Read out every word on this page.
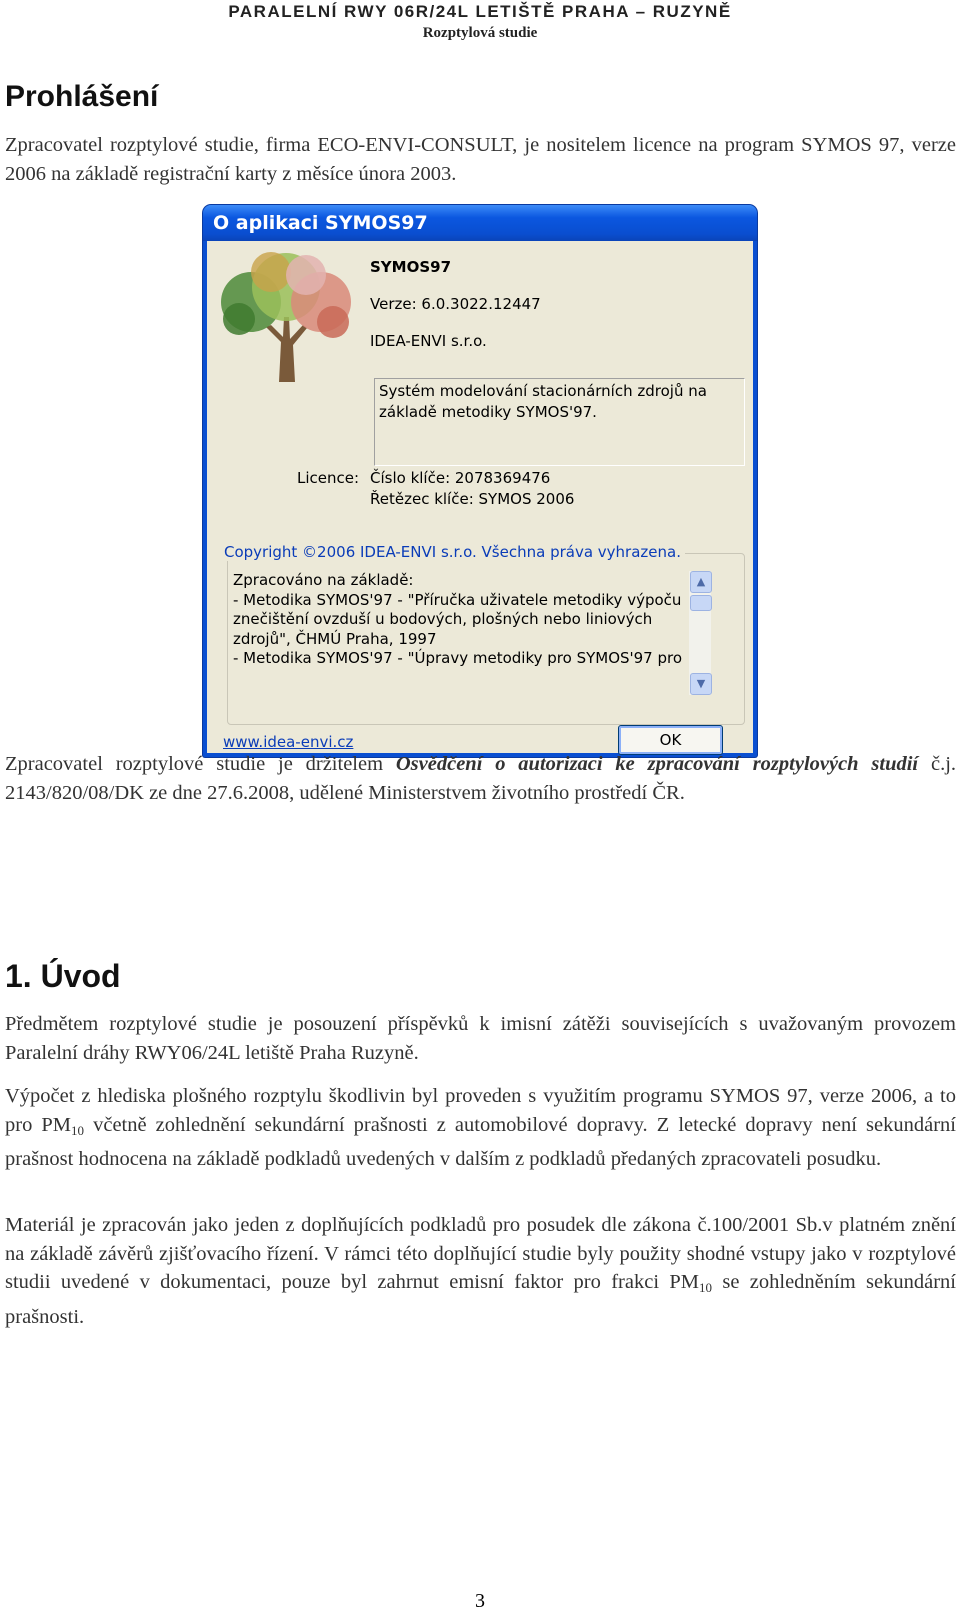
PARALELNÍ RWY 06R/24L LETIŠTĚ PRAHA – RUZYNĚ
Rozptylová studie
Prohlášení
Zpracovatel rozptylové studie, firma ECO-ENVI-CONSULT, je nositelem licence na program SYMOS 97, verze 2006 na základě registrační karty z měsíce února 2003.
O aplikaci SYMOS97
SYMOS97
Verze: 6.0.3022.12447
IDEA-ENVI s.r.o.
Systém modelování stacionárních zdrojů na základě metodiky SYMOS'97.
Licence: Číslo klíče: 2078369476
Řetězec klíče: SYMOS 2006
Copyright ©2006 IDEA-ENVI s.r.o. Všechna práva vyhrazena.
Zpracováno na základě:
- Metodika SYMOS'97 - "Příručka uživatele metodiky výpoču
znečištění ovzduší u bodových, plošných nebo liniových
zdrojů", ČHMÚ Praha, 1997
- Metodika SYMOS'97 - "Úpravy metodiky pro SYMOS'97 pro
▲
▼
www.idea-envi.cz	OK
Zpracovatel rozptylové studie je držitelem Osvědčení o autorizaci ke zpracování rozptylových studií č.j. 2143/820/08/DK ze dne 27.6.2008, udělené Ministerstvem životního prostředí ČR.
1. Úvod
Předmětem rozptylové studie je posouzení příspěvků k imisní zátěži souvisejících s uvažovaným provozem Paralelní dráhy RWY06/24L letiště Praha Ruzyně.
Výpočet z hlediska plošného rozptylu škodlivin byl proveden s využitím programu SYMOS 97, verze 2006, a to pro PM10 včetně zohlednění sekundární prašnosti z automobilové dopravy. Z letecké dopravy není sekundární prašnost hodnocena na základě podkladů uvedených v dalším z podkladů předaných zpracovateli posudku.
Materiál je zpracován jako jeden z doplňujících podkladů pro posudek dle zákona č.100/2001 Sb.v platném znění na základě závěrů zjišťovacího řízení. V rámci této doplňující studie byly použity shodné vstupy jako v rozptylové studii uvedené v dokumentaci, pouze byl zahrnut emisní faktor pro frakci PM10 se zohledněním sekundární prašnosti.
3
